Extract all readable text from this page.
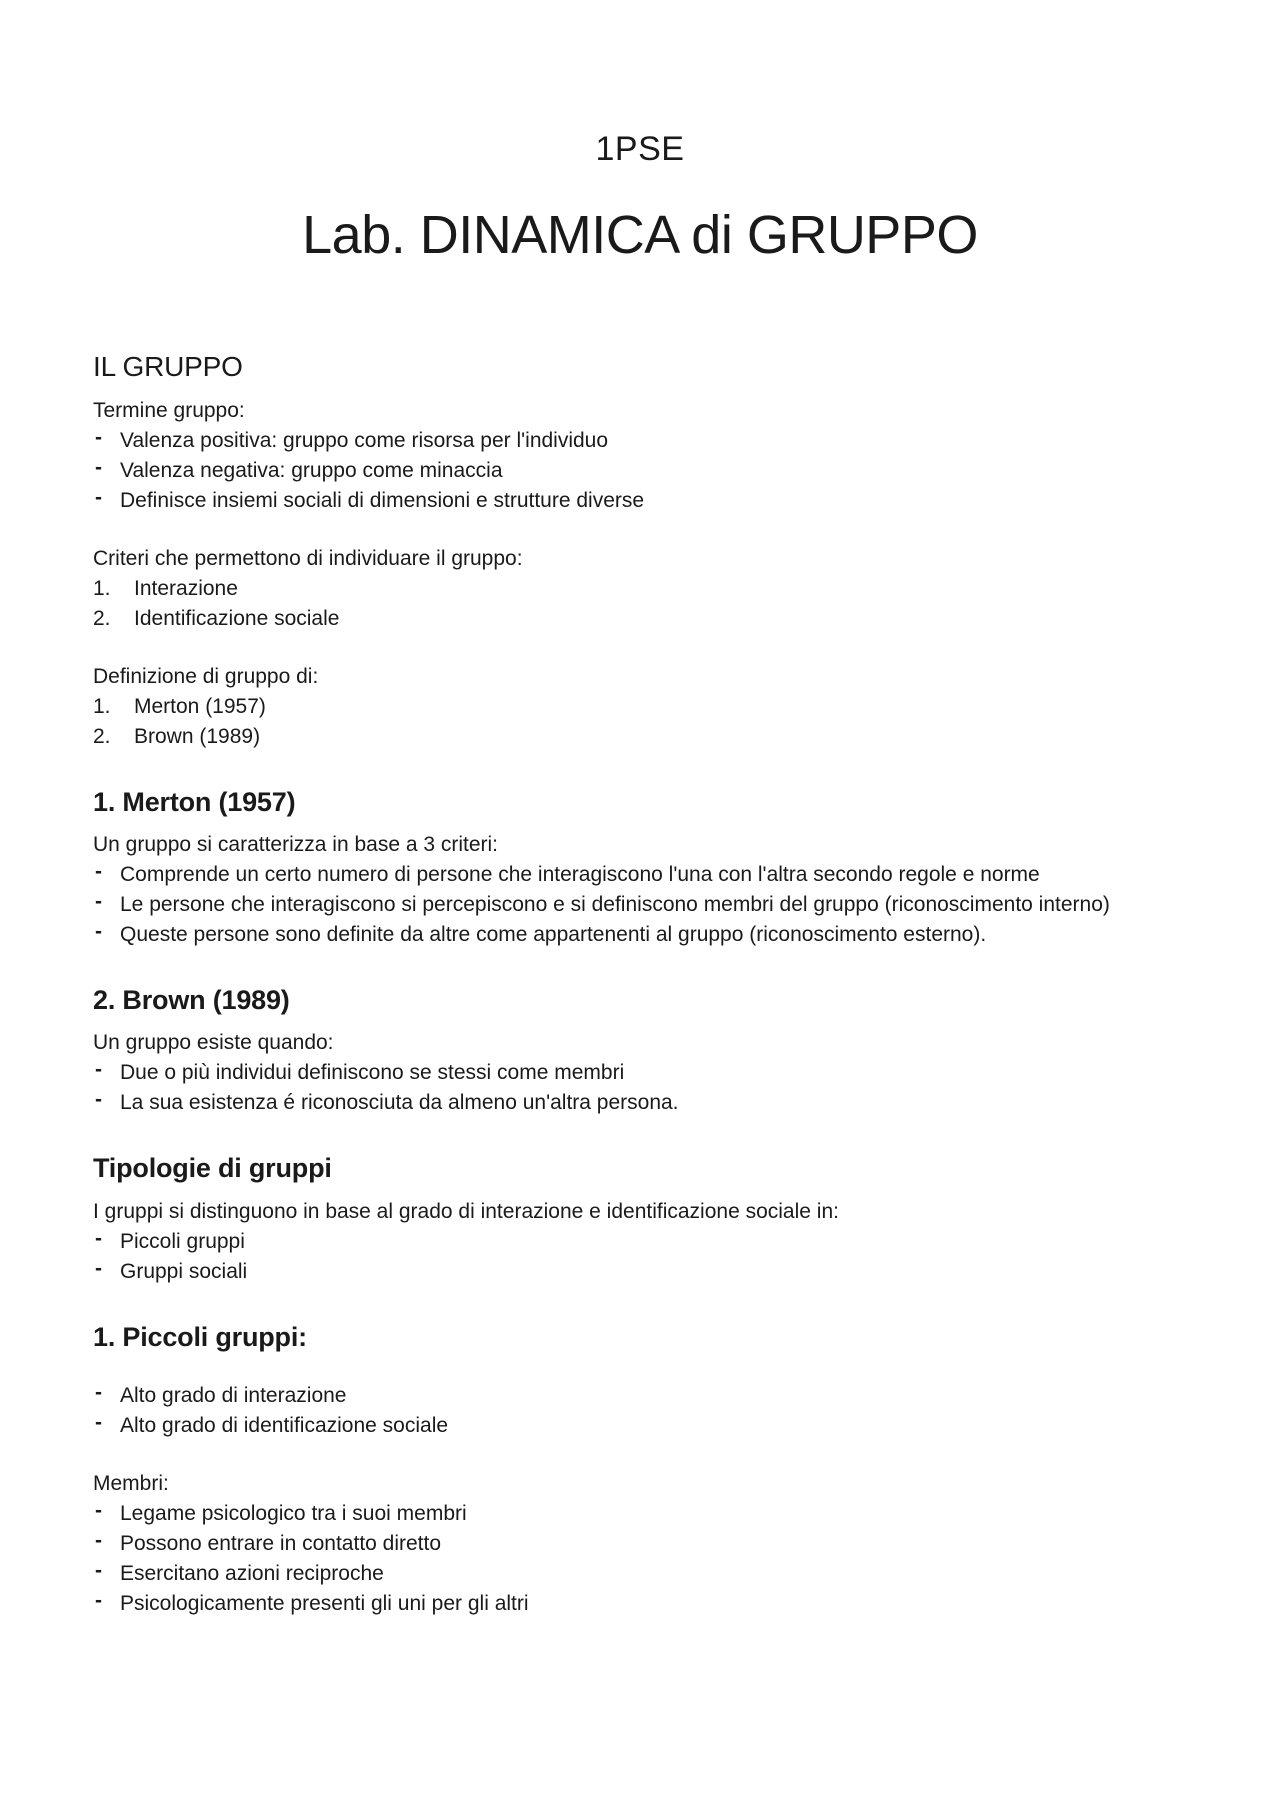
1PSE
Lab. DINAMICA di GRUPPO
IL GRUPPO

Termine gruppo:

- Valenza positiva: gruppo come risorsa per l'individuo
- Valenza negativa: gruppo come minaccia
- Definisce insiemi sociali di dimensioni e strutture diverse

Criteri che permettono di individuare il gruppo:

1. Interazione
2. Identificazione sociale

Definizione di gruppo di:

1. Merton (1957)
2. Brown (1989)
1. Merton (1957)

Un gruppo si caratterizza in base a 3 criteri:

- Comprende un certo numero di persone che interagiscono l'una con l'altra secondo regole e norme
- Le persone che interagiscono si percepiscono e si definiscono membri del gruppo (riconoscimento interno)
- Queste persone sono definite da altre come appartenenti al gruppo (riconoscimento esterno).
2. Brown (1989)

Un gruppo esiste quando:

- Due o più individui definiscono se stessi come membri
- La sua esistenza é riconosciuta da almeno un'altra persona.
Tipologie di gruppi

I gruppi si distinguono in base al grado di interazione e identificazione sociale in:

- Piccoli gruppi
- Gruppi sociali
1. Piccoli gruppi:
- Alto grado di interazione
- Alto grado di identificazione sociale

Membri:

- Legame psicologico tra i suoi membri
- Possono entrare in contatto diretto
- Esercitano azioni reciproche
- Psicologicamente presenti gli uni per gli altri
